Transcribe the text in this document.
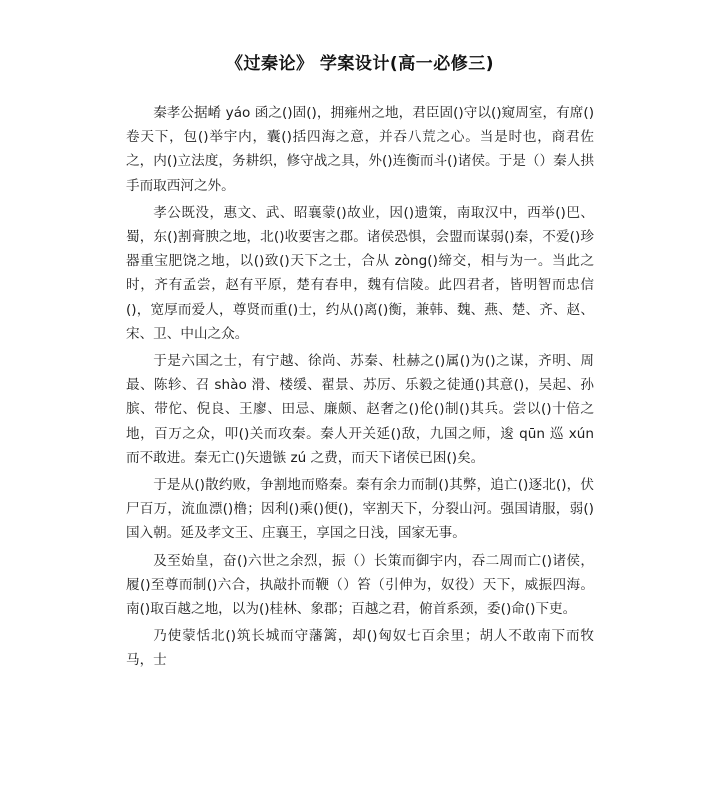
《过秦论》 学案设计(高一必修三)

秦孝公据崤 yáo 函之()固()，拥雍州之地，君臣固()守以()窥周室，有席()卷天下，包()举宇内，囊()括四海之意，并吞八荒之心。当是时也，商君佐之，内()立法度，务耕织，修守战之具，外()连衡而斗()诸侯。于是（）秦人拱手而取西河之外。

孝公既没，惠文、武、昭襄蒙()故业，因()遗策，南取汉中，西举()巴、蜀，东()割膏腴之地，北()收要害之郡。诸侯恐惧，会盟而谋弱()秦，不爱()珍器重宝肥饶之地，以()致()天下之士，合从 zòng()缔交，相与为一。当此之时，齐有孟尝，赵有平原，楚有春申，魏有信陵。此四君者，皆明智而忠信()，宽厚而爱人，尊贤而重()士，约从()离()衡，兼韩、魏、燕、楚、齐、赵、宋、卫、中山之众。

于是六国之士，有宁越、徐尚、苏秦、杜赫之()属()为()之谋，齐明、周最、陈轸、召 shào 滑、楼缓、翟景、苏厉、乐毅之徒通()其意()，吴起、孙膑、带佗、倪良、王廖、田忌、廉颇、赵奢之()伦()制()其兵。尝以()十倍之地，百万之众，叩()关而攻秦。秦人开关延()敌，九国之师，逡 qūn 巡 xún 而不敢进。秦无亡()矢遗镞 zú 之费，而天下诸侯已困()矣。

于是从()散约败，争割地而赂秦。秦有余力而制()其弊，追亡()逐北()，伏尸百万，流血漂()橹；因利()乘()便()，宰割天下，分裂山河。强国请服，弱()国入朝。延及孝文王、庄襄王，享国之日浅，国家无事。

及至始皇，奋()六世之余烈，振（）长策而御宇内，吞二周而亡()诸侯，履()至尊而制()六合，执敲扑而鞭（）笞（引伸为，奴役）天下，威振四海。南()取百越之地，以为()桂林、象郡；百越之君，俯首系颈，委()命()下吏。

乃使蒙恬北()筑长城而守藩篱，却()匈奴七百余里；胡人不敢南下而牧马，士
